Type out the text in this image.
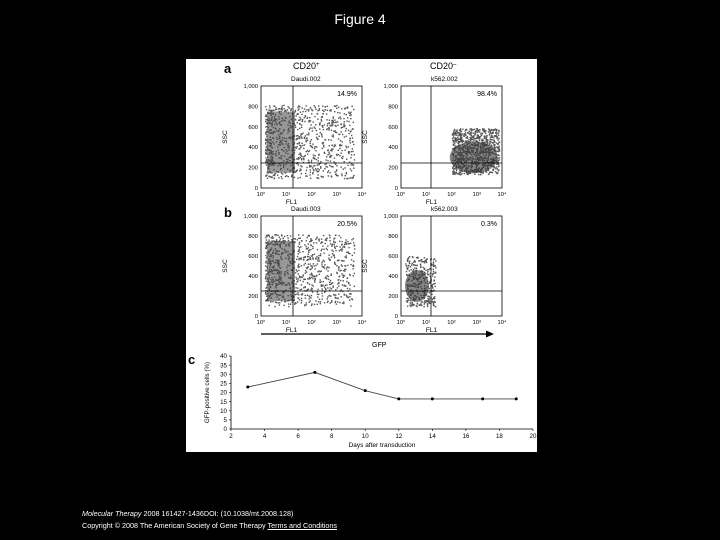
Figure 4
a
b
c
CD20+	CD20–
Daudi.002
14.9%
1,000
800
600
400
200
0
10°	10¹	10²	10³	10⁴
SSC
FL1
k562.002
98.4%
1,000
800
600
400
200
0
10°	10¹	10²	10³	10⁴
SSC
FL1
Daudi.003
20.5%
1,000
800
600
400
200
0
10°	10¹	10²	10³	10⁴
SSC
FL1
k562.003
0.3%
1,000
800
600
400
200
0
10°	10¹	10²	10³	10⁴
SSC
FL1
GFP
0
5
10
15
20
25
30
35
40
2	4	6	8	10	12	14	16	18	20
GFP-positive cells (%)
Days after transduction
Molecular Therapy 2008 161427-1436DOI: (10.1038/mt.2008.128)
Copyright © 2008 The American Society of Gene Therapy Terms and Conditions
